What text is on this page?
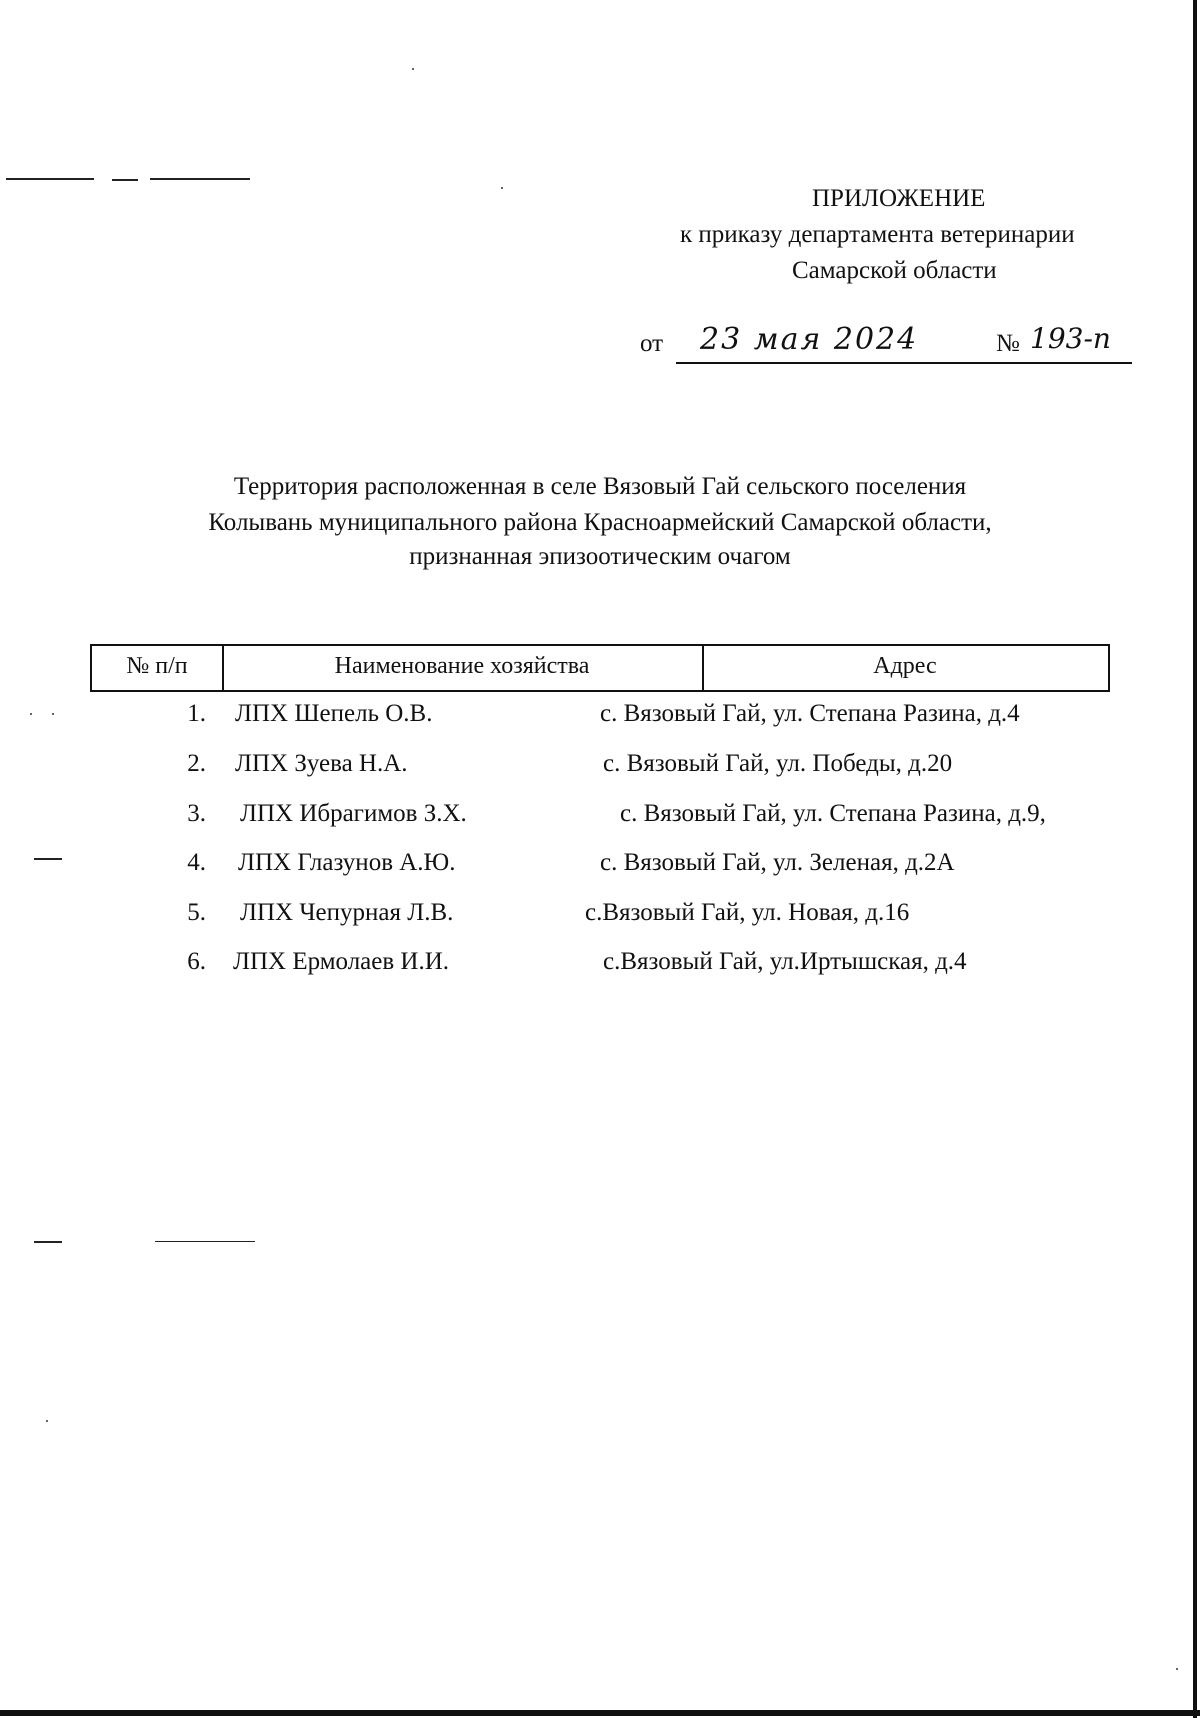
ПРИЛОЖЕНИЕ
к приказу департамента ветеринарии
Самарской области
от 23 мая 2024	№ 193-п
Территория расположенная в селе Вязовый Гай сельского поселения
Колывань муниципального района Красноармейский Самарской области,
признанная эпизоотическим очагом
№ п/п	Наименование хозяйства	Адрес
1. ЛПХ Шепель О.В.	с. Вязовый Гай, ул. Степана Разина, д.4
2. ЛПХ Зуева Н.А.	с. Вязовый Гай, ул. Победы, д.20
3. ЛПХ Ибрагимов З.Х.	с. Вязовый Гай, ул. Степана Разина, д.9,
4. ЛПХ Глазунов А.Ю.	с. Вязовый Гай, ул. Зеленая, д.2А
5. ЛПХ Чепурная Л.В.	с.Вязовый Гай, ул. Новая, д.16
6. ЛПХ Ермолаев И.И.	с.Вязовый Гай, ул.Иртышская, д.4
